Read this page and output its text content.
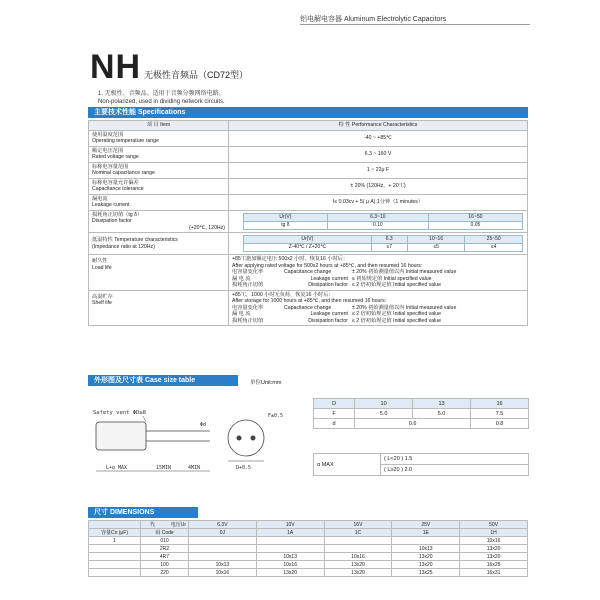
铝电解电容器 Aluminum Electrolytic Capacitors
NH 无极性音频品（CD72型）
1. 无极性、音频品。适用于音频分频网络电路。
Non-polarized, used in dividing network circuits.
主要技术性能 Specifications
项 目 Item	特 性 Performance Characteristics

使用温度范围
Operating temperature range
	-40 ~ +85℃

额定电压范围
Rated voltage range
	6.3 ~ 160 V

标称电容量范围
Nominal capacitance range
	1 ~ 22μ F

标称电容量允许偏差
Capacitance tolerance
	± 20% (120Hz，+ 20℃)

漏电流
Leakage current
	I≤ 0.03cv + 5( μ A) 1分钟（1 minutes）

损耗角正切值（tg δ）
Dissipation factor
(+20℃, 120Hz)

Ur(V)	6.3~10	16~50
tg δ	0.10	0.05

低温特性 Temperature characteristics
(Impedance ratio at 120Hz)

Ur(V)	6.3	10~16	25~50
Z-40℃ / Z+20℃	≤7	≤5	≤4

耐久性
Load life

+85℃施加额定电压 500x2 小时，恢复16 小时后：
After applying rated voltage for 500x2 hours at +85℃, and then resumed 16 hours:
电容量变化率	Capacitance change	± 20% 初始测量值以内 Initial measured value
漏 电 流	Leakage current ≤ 初始规定值 Initial specified value
损耗角正切值	Dissipation factor ≤ 2 倍初始规定值 Initial specified value

高温贮存
Shelf life

+85℃，1000 小时无负荷，恢复16 小时后：
After storage for 1000 hours at +85℃, and then resumed 16 hours:
电容量变化率	Capacitance change	± 20% 初始测量值以内 Initial measured value
漏 电 流	Leakage current ≤ 2 倍初始规定值 Initial specified value
损耗角正切值	Dissipation factor ≤ 2 倍初始规定值 Initial specified value
外形图及尺寸表 Case size table	单位Unit:mm
Safety vent ΦD≥8
L+α MAX	15MIN	4MIN
Φd
F±0.5
D+0.5
D	10	13	16
F	5.0	5.0	7.5
d	0.6		0.8
α MAX	( L<20 ) 1.5
( L≥20 ) 2.0
尺寸 DIMENSIONS
	电压Ur	6.3V	10V	16V	25V	50V
容量Cn (μF)	码 Code	0J	1A	1C	1E	1H
1	010					10x16
	2R2				10x13	13x20
	4R7		10x13	10x16	13x20	13x20
	100	10x13	10x16	13x20	13x20	16x25
	220	10x16	13x20	13x20	13x25	16x31
代
